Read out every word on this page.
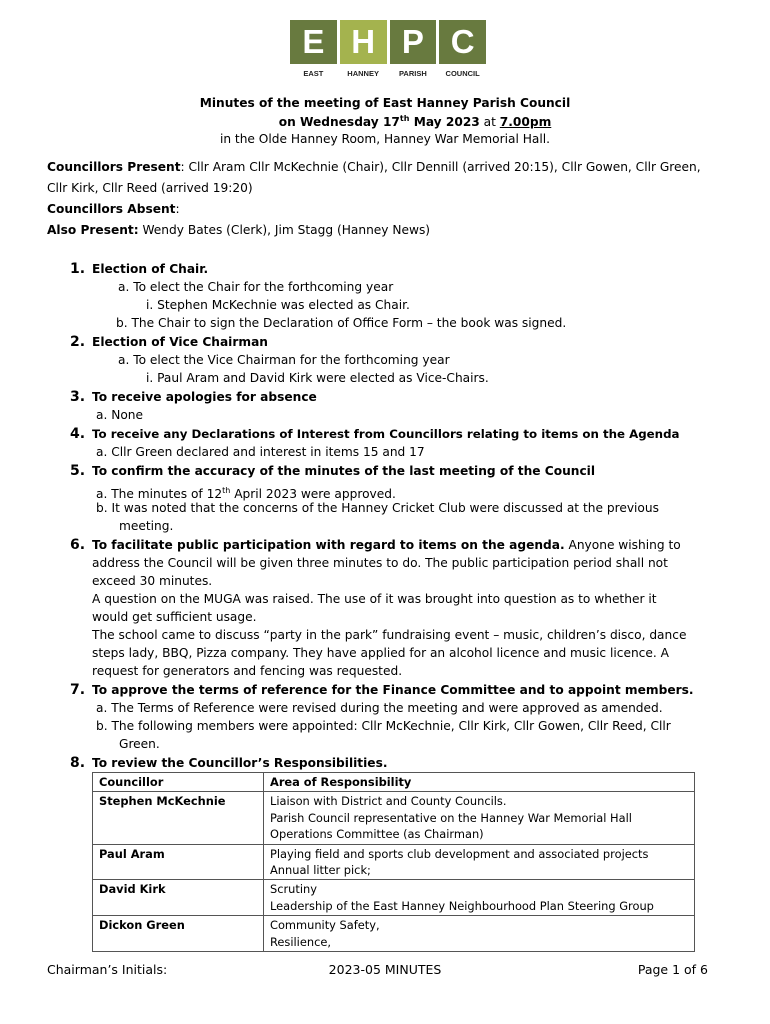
E H P C
EAST	HANNEY	PARISH	COUNCIL
Minutes of the meeting of East Hanney Parish Council
on Wednesday 17th May 2023 at 7.00pm
in the Olde Hanney Room, Hanney War Memorial Hall.
Councillors Present: Cllr Aram Cllr McKechnie (Chair), Cllr Dennill (arrived 20:15), Cllr Gowen, Cllr Green,
Cllr Kirk, Cllr Reed (arrived 19:20)
Councillors Absent:
Also Present: Wendy Bates (Clerk), Jim Stagg (Hanney News)
1. Election of Chair.
a. To elect the Chair for the forthcoming year
i. Stephen McKechnie was elected as Chair.
b. The Chair to sign the Declaration of Office Form – the book was signed.
2. Election of Vice Chairman
a. To elect the Vice Chairman for the forthcoming year
i. Paul Aram and David Kirk were elected as Vice-Chairs.
3. To receive apologies for absence
a. None
4. To receive any Declarations of Interest from Councillors relating to items on the Agenda
a. Cllr Green declared and interest in items 15 and 17
5. To confirm the accuracy of the minutes of the last meeting of the Council
a. The minutes of 12th April 2023 were approved.
b. It was noted that the concerns of the Hanney Cricket Club were discussed at the previous
meeting.
6. To facilitate public participation with regard to items on the agenda. Anyone wishing to
address the Council will be given three minutes to do. The public participation period shall not
exceed 30 minutes.
A question on the MUGA was raised. The use of it was brought into question as to whether it
would get sufficient usage.
The school came to discuss “party in the park” fundraising event – music, children’s disco, dance
steps lady, BBQ, Pizza company. They have applied for an alcohol licence and music licence. A
request for generators and fencing was requested.
7. To approve the terms of reference for the Finance Committee and to appoint members.
a. The Terms of Reference were revised during the meeting and were approved as amended.
b. The following members were appointed: Cllr McKechnie, Cllr Kirk, Cllr Gowen, Cllr Reed, Cllr
Green.
8. To review the Councillor’s Responsibilities.
Councillor	Area of Responsibility
Stephen McKechnie	Liaison with District and County Councils.
Parish Council representative on the Hanney War Memorial Hall
Operations Committee (as Chairman)

Paul Aram	Playing field and sports club development and associated projects
Annual litter pick;

David Kirk	Scrutiny
Leadership of the East Hanney Neighbourhood Plan Steering Group

Dickon Green	Community Safety,
Resilience,
Chairman’s Initials:	2023-05 MINUTES	Page 1 of 6
